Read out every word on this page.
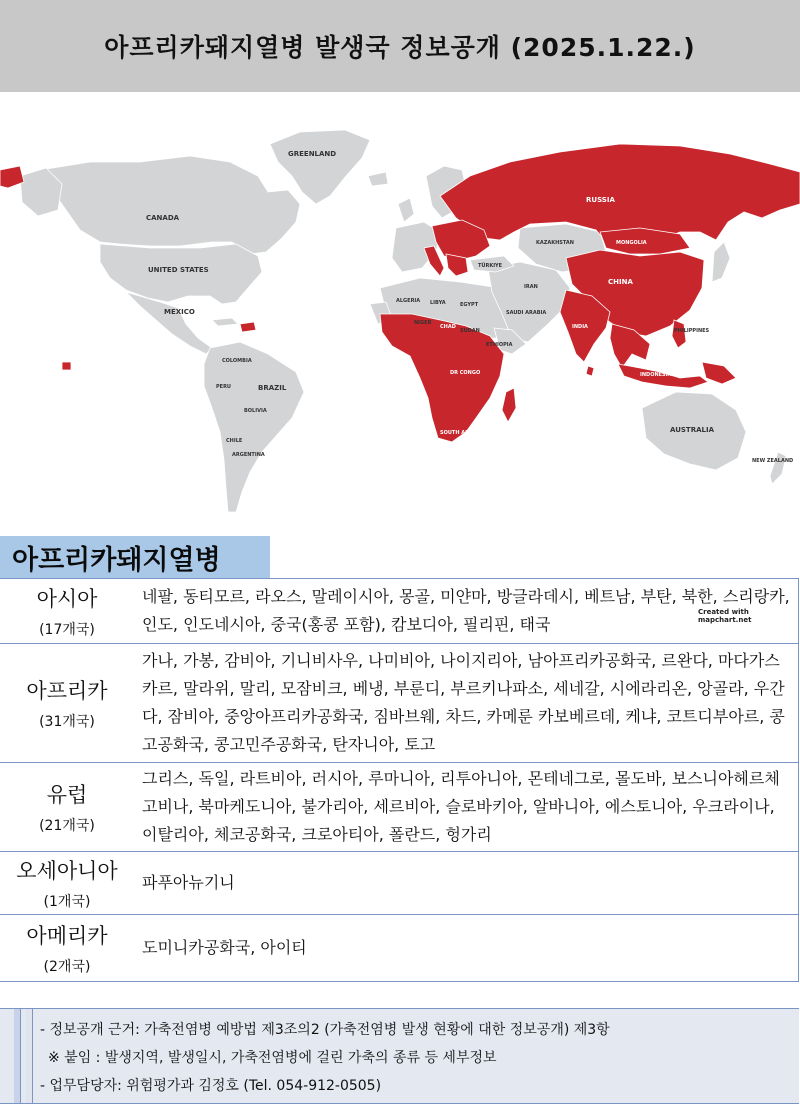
아프리카돼지열병 발생국 정보공개 (2025.1.22.)
GREENLAND
CANADA
UNITED STATES
MEXICO
COLOMBIA
PERU	BRAZIL
BOLIVIA
CHILE
ARGENTINA
RUSSIA
KAZAKHSTAN	MONGOLIA
CHINA
INDIA
IRAN
TÜRKIYE
SAUDI ARABIA
ALGERIA LIBYA	EGYPT
NIGER
CHAD
SUDAN
ETHIOPIA
DR CONGO
SOUTH AFRICA
PHILIPPINES
INDONESIA
AUSTRALIA
NEW ZEALAND
Created with mapchart.net
아프리카돼지열병
아시아
(17개국)
네팔, 동티모르, 라오스, 말레이시아, 몽골, 미얀마, 방글라데시, 베트남, 부탄, 북한, 스리랑카, 인도, 인도네시아, 중국(홍콩 포함), 캄보디아, 필리핀, 태국
아프리카
(31개국)
가나, 가봉, 감비아, 기니비사우, 나미비아, 나이지리아, 남아프리카공화국, 르완다, 마다가스카르, 말라위, 말리, 모잠비크, 베냉, 부룬디, 부르키나파소, 세네갈, 시에라리온, 앙골라, 우간다, 잠비아, 중앙아프리카공화국, 짐바브웨, 차드, 카메룬 카보베르데, 케냐, 코트디부아르, 콩고공화국, 콩고민주공화국, 탄자니아, 토고
유럽
(21개국)
그리스, 독일, 라트비아, 러시아, 루마니아, 리투아니아, 몬테네그로, 몰도바, 보스니아헤르체고비나, 북마케도니아, 불가리아, 세르비아, 슬로바키아, 알바니아, 에스토니아, 우크라이나, 이탈리아, 체코공화국, 크로아티아, 폴란드, 헝가리
오세아니아
(1개국)
파푸아뉴기니
아메리카
(2개국)
도미니카공화국, 아이티
- 정보공개 근거: 가축전염병 예방법 제3조의2 (가축전염병 발생 현황에 대한 정보공개) 제3항
※ 붙임 : 발생지역, 발생일시, 가축전염병에 걸린 가축의 종류 등 세부정보
- 업무담당자: 위험평가과 김정호 (Tel. 054-912-0505)
